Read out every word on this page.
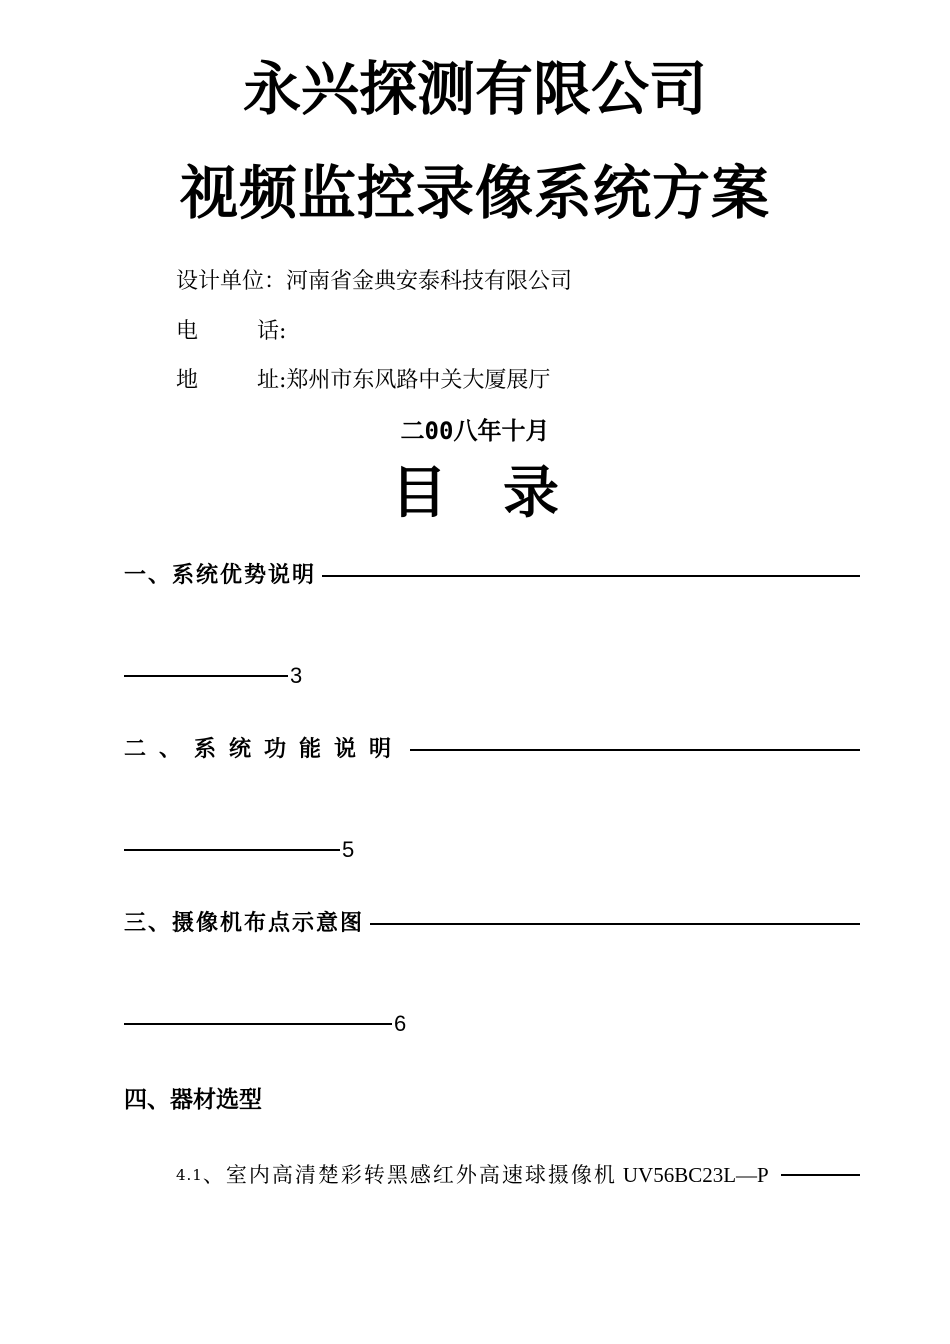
永兴探测有限公司
视频监控录像系统方案
设计单位：河南省金典安泰科技有限公司
电 话:
地 址:郑州市东风路中关大厦展厅
二00八年十月
目 录
一、系统优势说明
3
二、系统功能说明
5
三、摄像机布点示意图
6
四、器材选型
4.1 、室内高清楚彩转黑感红外高速球摄像机 UV56BC23L—P
